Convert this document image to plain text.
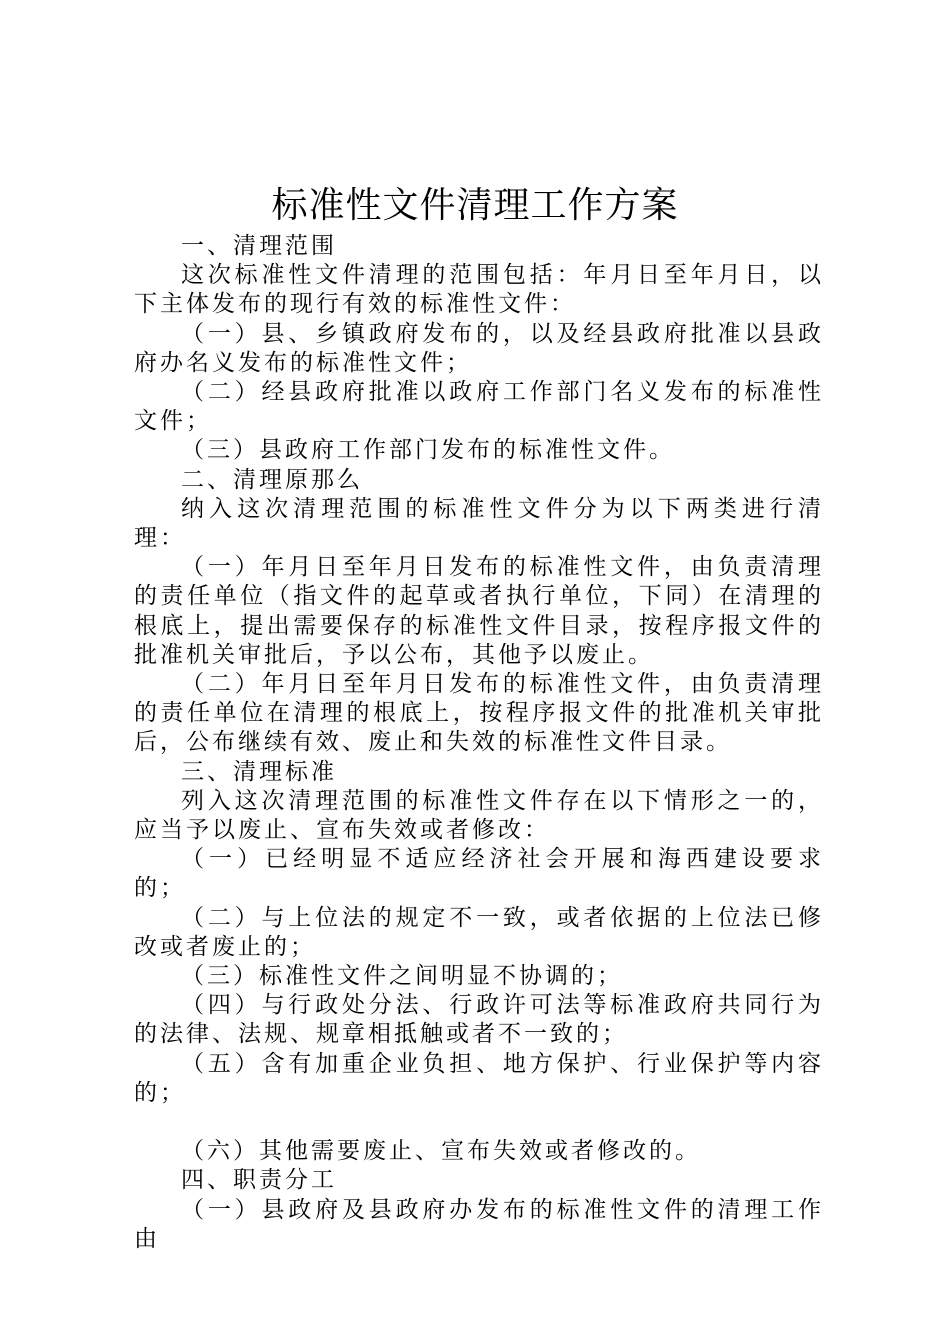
标准性文件清理工作方案

一、清理范围

这次标准性文件清理的范围包括：年月日至年月日，以下主体发布的现行有效的标准性文件：

（一）县、乡镇政府发布的，以及经县政府批准以县政府办名义发布的标准性文件；

（二）经县政府批准以政府工作部门名义发布的标准性文件；

（三）县政府工作部门发布的标准性文件。

二、清理原那么

纳入这次清理范围的标准性文件分为以下两类进行清理：

（一）年月日至年月日发布的标准性文件，由负责清理的责任单位（指文件的起草或者执行单位，下同）在清理的根底上，提出需要保存的标准性文件目录，按程序报文件的批准机关审批后，予以公布，其他予以废止。

（二）年月日至年月日发布的标准性文件，由负责清理的责任单位在清理的根底上，按程序报文件的批准机关审批后，公布继续有效、废止和失效的标准性文件目录。

三、清理标准

列入这次清理范围的标准性文件存在以下情形之一的，应当予以废止、宣布失效或者修改：

（一）已经明显不适应经济社会开展和海西建设要求的；

（二）与上位法的规定不一致，或者依据的上位法已修改或者废止的；

（三）标准性文件之间明显不协调的；

（四）与行政处分法、行政许可法等标准政府共同行为的法律、法规、规章相抵触或者不一致的；

（五）含有加重企业负担、地方保护、行业保护等内容的；

（六）其他需要废止、宣布失效或者修改的。

四、职责分工

（一）县政府及县政府办发布的标准性文件的清理工作由
